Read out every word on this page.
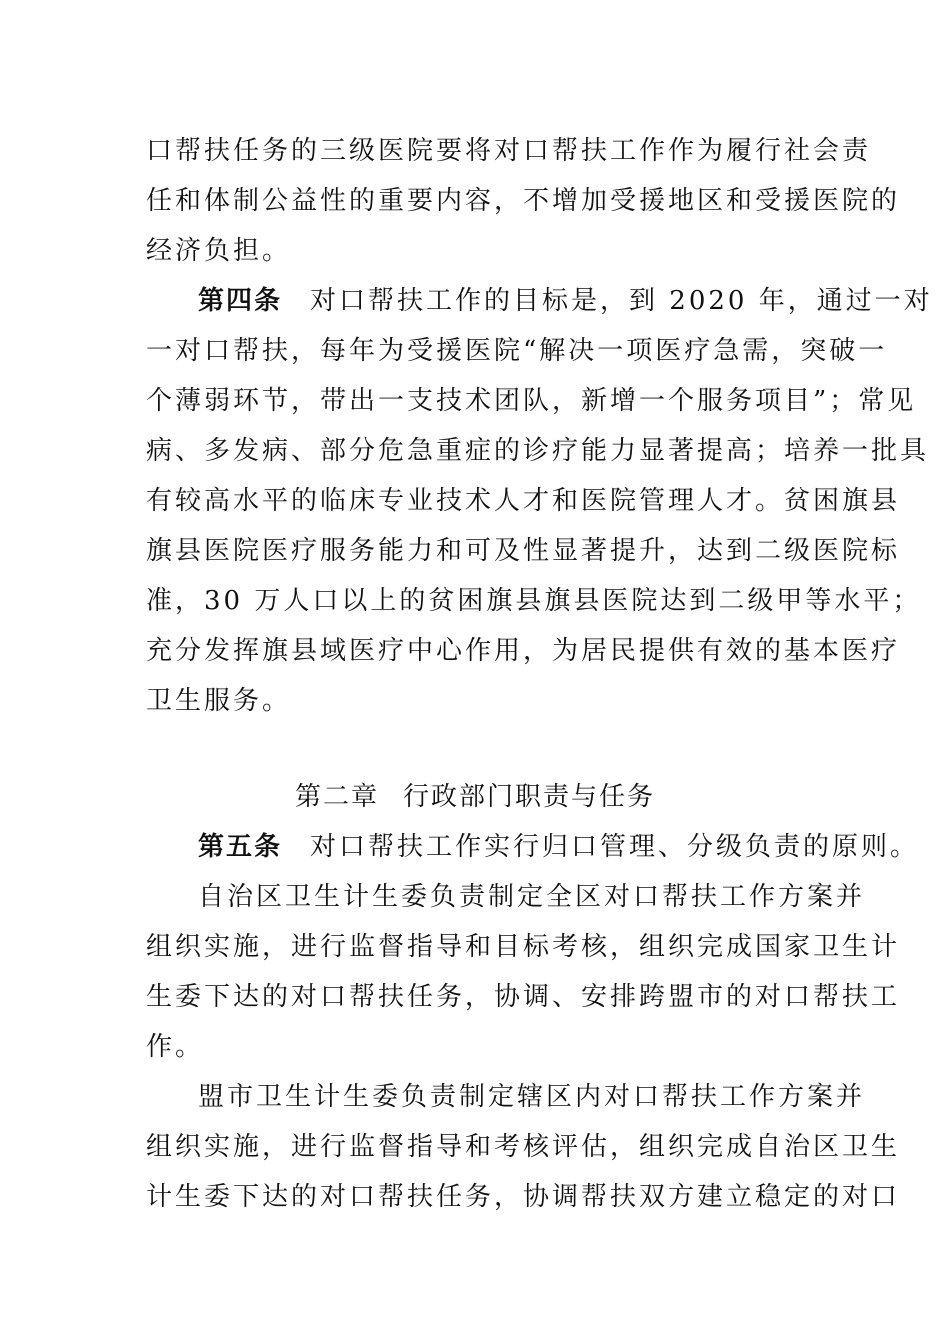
口帮扶任务的三级医院要将对口帮扶工作作为履行社会责
任和体制公益性的重要内容，不增加受援地区和受援医院的
经济负担。
第四条 对口帮扶工作的目标是，到 2020 年，通过一对
一对口帮扶，每年为受援医院“解决一项医疗急需，突破一
个薄弱环节，带出一支技术团队，新增一个服务项目”；常见
病、多发病、部分危急重症的诊疗能力显著提高；培养一批具
有较高水平的临床专业技术人才和医院管理人才。贫困旗县
旗县医院医疗服务能力和可及性显著提升，达到二级医院标
准，30 万人口以上的贫困旗县旗县医院达到二级甲等水平；
充分发挥旗县域医疗中心作用，为居民提供有效的基本医疗
卫生服务。
第二章 行政部门职责与任务
第五条 对口帮扶工作实行归口管理、分级负责的原则。
自治区卫生计生委负责制定全区对口帮扶工作方案并
组织实施，进行监督指导和目标考核，组织完成国家卫生计
生委下达的对口帮扶任务，协调、安排跨盟市的对口帮扶工
作。
盟市卫生计生委负责制定辖区内对口帮扶工作方案并
组织实施，进行监督指导和考核评估，组织完成自治区卫生
计生委下达的对口帮扶任务，协调帮扶双方建立稳定的对口
